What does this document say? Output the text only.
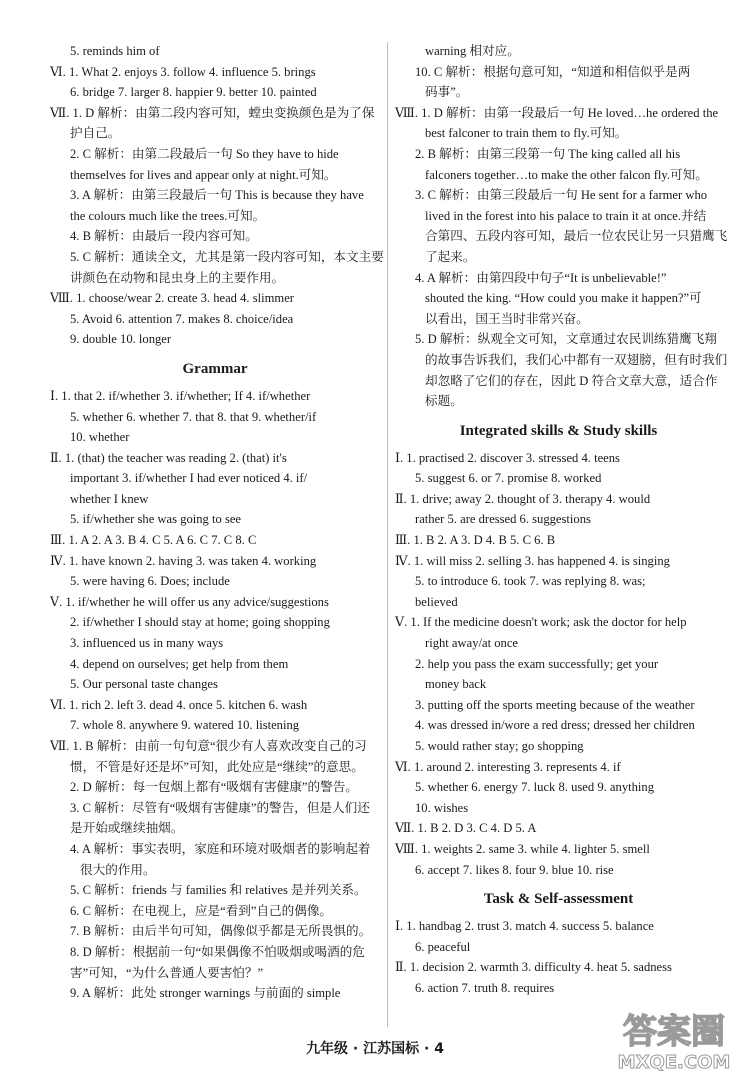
5. reminds him of
Ⅵ. 1. What 2. enjoys 3. follow 4. influence 5. brings
6. bridge 7. larger 8. happier 9. better 10. painted
Ⅶ. 1. D 解析：由第二段内容可知，螳虫变换颜色是为了保
护自己。
2. C 解析：由第二段最后一句 So they have to hide
themselves for lives and appear only at night.可知。
3. A 解析：由第三段最后一句 This is because they have
the colours much like the trees.可知。
4. B 解析：由最后一段内容可知。
5. C 解析：通读全文，尤其是第一段内容可知，本文主要
讲颜色在动物和昆虫身上的主要作用。
Ⅷ. 1. choose/wear 2. create 3. head 4. slimmer
5. Avoid 6. attention 7. makes 8. choice/idea
9. double 10. longer
Grammar
Ⅰ. 1. that 2. if/whether 3. if/whether; If 4. if/whether
5. whether 6. whether 7. that 8. that 9. whether/if
10. whether
Ⅱ. 1. (that) the teacher was reading 2. (that) it's
important 3. if/whether I had ever noticed 4. if/
whether I knew
5. if/whether she was going to see
Ⅲ. 1. A 2. A 3. B 4. C 5. A 6. C 7. C 8. C
Ⅳ. 1. have known 2. having 3. was taken 4. working
5. were having 6. Does; include
Ⅴ. 1. if/whether he will offer us any advice/suggestions
2. if/whether I should stay at home; going shopping
3. influenced us in many ways
4. depend on ourselves; get help from them
5. Our personal taste changes
Ⅵ. 1. rich 2. left 3. dead 4. once 5. kitchen 6. wash
7. whole 8. anywhere 9. watered 10. listening
Ⅶ. 1. B 解析：由前一句句意“很少有人喜欢改变自己的习
惯，不管是好还是坏”可知，此处应是“继续”的意思。
2. D 解析：每一包烟上都有“吸烟有害健康”的警告。
3. C 解析：尽管有“吸烟有害健康”的警告，但是人们还
是开始或继续抽烟。
4. A 解析：事实表明，家庭和环境对吸烟者的影响起着
很大的作用。
5. C 解析：friends 与 families 和 relatives 是并列关系。
6. C 解析：在电视上，应是“看到”自己的偶像。
7. B 解析：由后半句可知，偶像似乎都是无所畏惧的。
8. D 解析：根据前一句“如果偶像不怕吸烟或喝酒的危
害”可知，“为什么普通人要害怕？”
9. A 解析：此处 stronger warnings 与前面的 simple
warning 相对应。
10. C 解析：根据句意可知，“知道和相信似乎是两
码事”。
Ⅷ. 1. D 解析：由第一段最后一句 He loved…he ordered the
best falconer to train them to fly.可知。
2. B 解析：由第三段第一句 The king called all his
falconers together…to make the other falcon fly.可知。
3. C 解析：由第三段最后一句 He sent for a farmer who
lived in the forest into his palace to train it at once.并结
合第四、五段内容可知，最后一位农民让另一只猎鹰飞
了起来。
4. A 解析：由第四段中句子“It is unbelievable!”
shouted the king. “How could you make it happen?”可
以看出，国王当时非常兴奋。
5. D 解析：纵观全文可知，文章通过农民训练猎鹰飞翔
的故事告诉我们，我们心中都有一双翅膀，但有时我们
却忽略了它们的存在，因此 D 符合文章大意，适合作
标题。
Integrated skills & Study skills
Ⅰ. 1. practised 2. discover 3. stressed 4. teens
5. suggest 6. or 7. promise 8. worked
Ⅱ. 1. drive; away 2. thought of 3. therapy 4. would
rather 5. are dressed 6. suggestions
Ⅲ. 1. B 2. A 3. D 4. B 5. C 6. B
Ⅳ. 1. will miss 2. selling 3. has happened 4. is singing
5. to introduce 6. took 7. was replying 8. was;
believed
Ⅴ. 1. If the medicine doesn't work; ask the doctor for help
right away/at once
2. help you pass the exam successfully; get your
money back
3. putting off the sports meeting because of the weather
4. was dressed in/wore a red dress; dressed her children
5. would rather stay; go shopping
Ⅵ. 1. around 2. interesting 3. represents 4. if
5. whether 6. energy 7. luck 8. used 9. anything
10. wishes
Ⅶ. 1. B 2. D 3. C 4. D 5. A
Ⅷ. 1. weights 2. same 3. while 4. lighter 5. smell
6. accept 7. likes 8. four 9. blue 10. rise
Task & Self-assessment
Ⅰ. 1. handbag 2. trust 3. match 4. success 5. balance
6. peaceful
Ⅱ. 1. decision 2. warmth 3. difficulty 4. heat 5. sadness
6. action 7. truth 8. requires
九年级 · 江苏国标 · 4	答案圈
MXQE.COM
